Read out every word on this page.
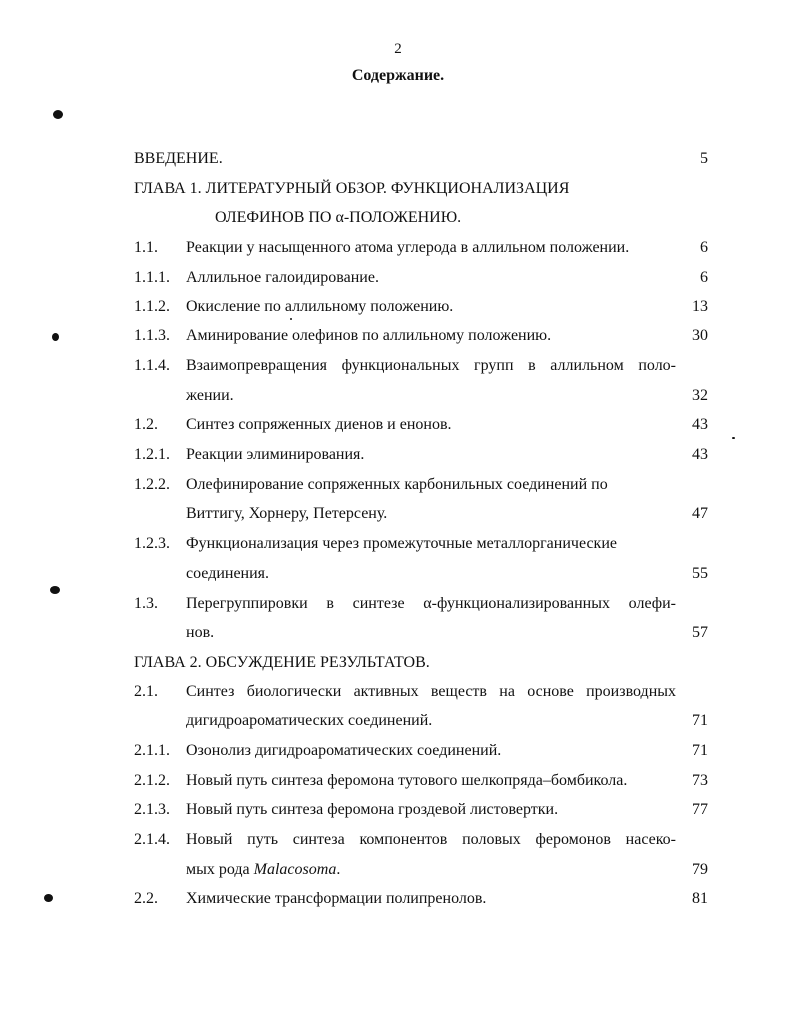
2
Содержание.
ВВЕДЕНИЕ.	5
ГЛАВА 1. ЛИТЕРАТУРНЫЙ ОБЗОР. ФУНКЦИОНАЛИЗАЦИЯ
ОЛЕФИНОВ ПО α-ПОЛОЖЕНИЮ.
1.1. Реакции у насыщенного атома углерода в аллильном положении.	6
1.1.1. Аллильное галоидирование.	6
1.1.2. Окисление по аллильному положению.	13
1.1.3. Аминирование олефинов по аллильному положению.	30
1.1.4. Взаимопревращения функциональных групп в аллильном поло-
жении.	32
1.2. Синтез сопряженных диенов и енонов.	43
1.2.1. Реакции элиминирования.	43
1.2.2. Олефинирование сопряженных карбонильных соединений по
Виттигу, Хорнеру, Петерсену.	47
1.2.3. Функционализация через промежуточные металлорганические
соединения.	55
1.3. Перегруппировки в синтезе α-функционализированных олефи-
нов.	57
ГЛАВА 2. ОБСУЖДЕНИЕ РЕЗУЛЬТАТОВ.
2.1. Синтез биологически активных веществ на основе производных
дигидроароматических соединений.	71
2.1.1. Озонолиз дигидроароматических соединений.	71
2.1.2. Новый путь синтеза феромона тутового шелкопряда–бомбикола.	73
2.1.3. Новый путь синтеза феромона гроздевой листовертки.	77
2.1.4. Новый путь синтеза компонентов половых феромонов насеко-
мых рода Malacosoma.	79
2.2. Химические трансформации полипренолов.	81
